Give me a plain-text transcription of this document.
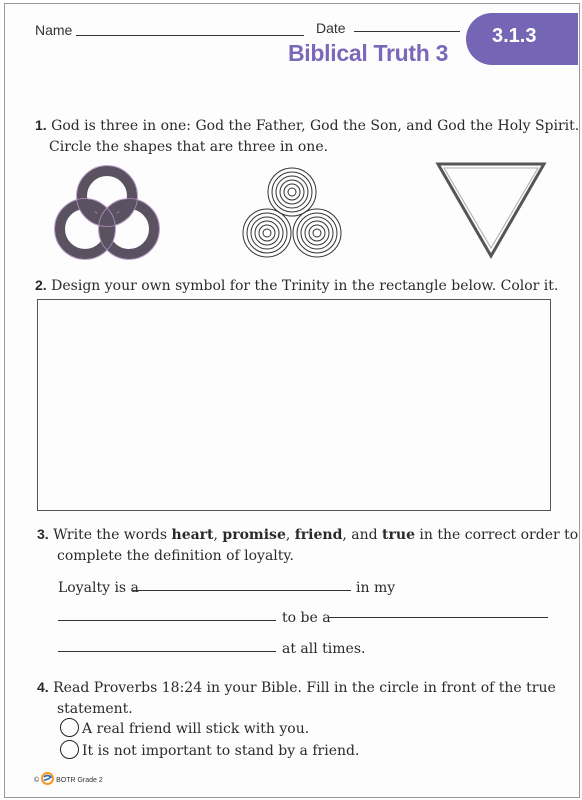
Name	Date
Biblical Truth 3
3.1.3
1. God is three in one: God the Father, God the Son, and God the Holy Spirit.
Circle the shapes that are three in one.
2. Design your own symbol for the Trinity in the rectangle below. Color it.
3. Write the words heart, promise, friend, and true in the correct order to
complete the definition of loyalty.
Loyalty is a	in my
to be a
at all times.
4. Read Proverbs 18:24 in your Bible. Fill in the circle in front of the true
statement.
A real friend will stick with you.
It is not important to stand by a friend.
© BOTR Grade 2
